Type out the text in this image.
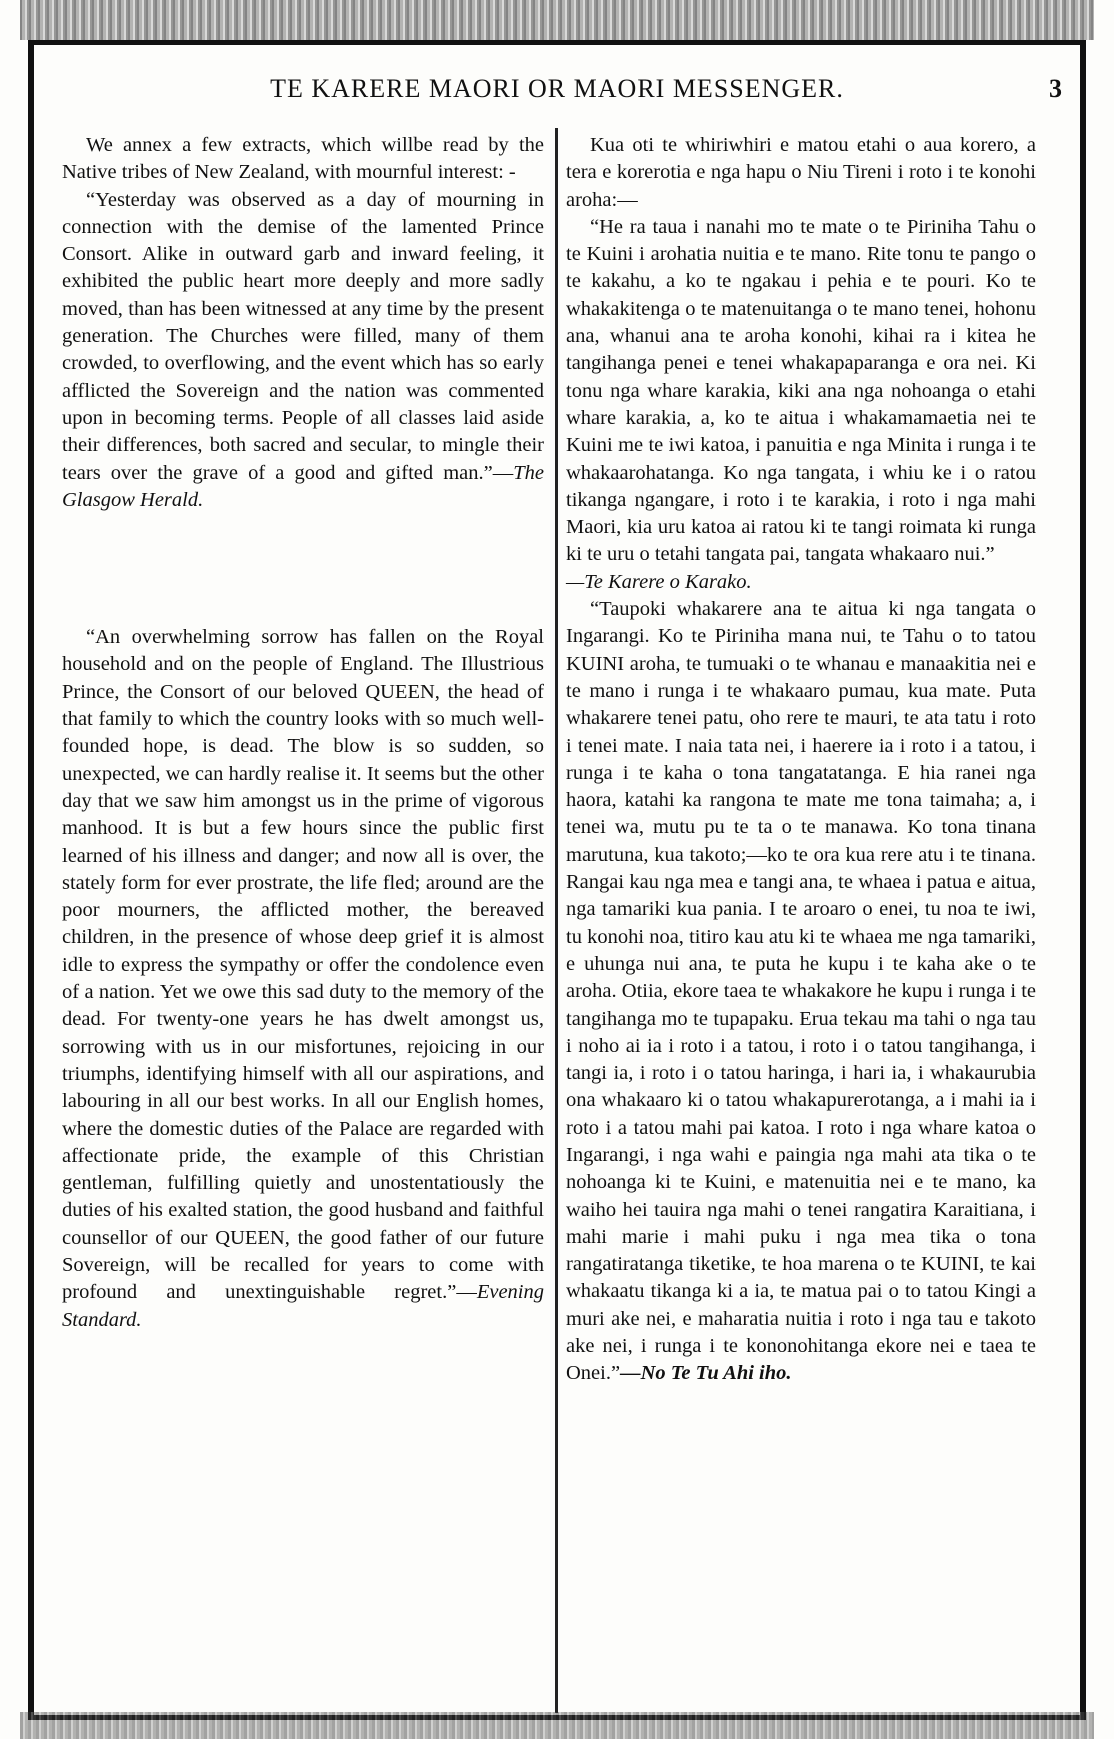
TE KARERE MAORI OR MAORI MESSENGER.	3

We annex a few extracts, which willbe read by the Native tribes of New Zealand, with mournful interest: -

“Yesterday was observed as a day of mourning in connection with the demise of the lamented Prince Consort. Alike in outward garb and inward feeling, it exhibited the public heart more deeply and more sadly moved, than has been witnessed at any time by the present generation. The Churches were filled, many of them crowded, to overflowing, and the event which has so early afflicted the Sovereign and the nation was commented upon in becoming terms. People of all classes laid aside their differences, both sacred and secular, to mingle their tears over the grave of a good and gifted man.”—The Glasgow Herald.

“An overwhelming sorrow has fallen on the Royal household and on the people of England. The Illustrious Prince, the Consort of our beloved QUEEN, the head of that family to which the country looks with so much well-founded hope, is dead. The blow is so sudden, so unexpected, we can hardly realise it. It seems but the other day that we saw him amongst us in the prime of vigorous manhood. It is but a few hours since the public first learned of his illness and danger; and now all is over, the stately form for ever prostrate, the life fled; around are the poor mourners, the afflicted mother, the bereaved children, in the presence of whose deep grief it is almost idle to express the sympathy or offer the condolence even of a nation. Yet we owe this sad duty to the memory of the dead. For twenty-one years he has dwelt amongst us, sorrowing with us in our misfortunes, rejoicing in our triumphs, identifying himself with all our aspirations, and labouring in all our best works. In all our English homes, where the domestic duties of the Palace are regarded with affectionate pride, the example of this Christian gentleman, fulfilling quietly and unostentatiously the duties of his exalted station, the good husband and faithful counsellor of our QUEEN, the good father of our future Sovereign, will be recalled for years to come with profound and unextinguishable regret.”—Evening Standard.

Kua oti te whiriwhiri e matou etahi o aua korero, a tera e korerotia e nga hapu o Niu Tireni i roto i te konohi aroha:—

“He ra taua i nanahi mo te mate o te Piriniha Tahu o te Kuini i arohatia nuitia e te mano. Rite tonu te pango o te kakahu, a ko te ngakau i pehia e te pouri. Ko te whakakitenga o te matenuitanga o te mano tenei, hohonu ana, whanui ana te aroha konohi, kihai ra i kitea he tangihanga penei e tenei whakapaparanga e ora nei. Ki tonu nga whare karakia, kiki ana nga nohoanga o etahi whare karakia, a, ko te aitua i whakamamaetia nei te Kuini me te iwi katoa, i panuitia e nga Minita i runga i te whakaarohatanga. Ko nga tangata, i whiu ke i o ratou tikanga ngangare, i roto i te karakia, i roto i nga mahi Maori, kia uru katoa ai ratou ki te tangi roimata ki runga ki te uru o tetahi tangata pai, tangata whakaaro nui.”

—Te Karere o Karako.

“Taupoki whakarere ana te aitua ki nga tangata o Ingarangi. Ko te Piriniha mana nui, te Tahu o to tatou KUINI aroha, te tumuaki o te whanau e manaakitia nei e te mano i runga i te whakaaro pumau, kua mate. Puta whakarere tenei patu, oho rere te mauri, te ata tatu i roto i tenei mate. I naia tata nei, i haerere ia i roto i a tatou, i runga i te kaha o tona tangatatanga. E hia ranei nga haora, katahi ka rangona te mate me tona taimaha; a, i tenei wa, mutu pu te ta o te manawa. Ko tona tinana marutuna, kua takoto;—ko te ora kua rere atu i te tinana. Rangai kau nga mea e tangi ana, te whaea i patua e aitua, nga tamariki kua pania. I te aroaro o enei, tu noa te iwi, tu konohi noa, titiro kau atu ki te whaea me nga tamariki, e uhunga nui ana, te puta he kupu i te kaha ake o te aroha. Otiia, ekore taea te whakakore he kupu i runga i te tangihanga mo te tupapaku. Erua tekau ma tahi o nga tau i noho ai ia i roto i a tatou, i roto i o tatou tangihanga, i tangi ia, i roto i o tatou haringa, i hari ia, i whakaurubia ona whakaaro ki o tatou whakapurerotanga, a i mahi ia i roto i a tatou mahi pai katoa. I roto i nga whare katoa o Ingarangi, i nga wahi e paingia nga mahi ata tika o te nohoanga ki te Kuini, e matenuitia nei e te mano, ka waiho hei tauira nga mahi o tenei rangatira Karaitiana, i mahi marie i mahi puku i nga mea tika o tona rangatiratanga tiketike, te hoa marena o te KUINI, te kai whakaatu tikanga ki a ia, te matua pai o to tatou Kingi a muri ake nei, e maharatia nuitia i roto i nga tau e takoto ake nei, i runga i te kononohitanga ekore nei e taea te Onei.”—No Te Tu Ahi iho.
